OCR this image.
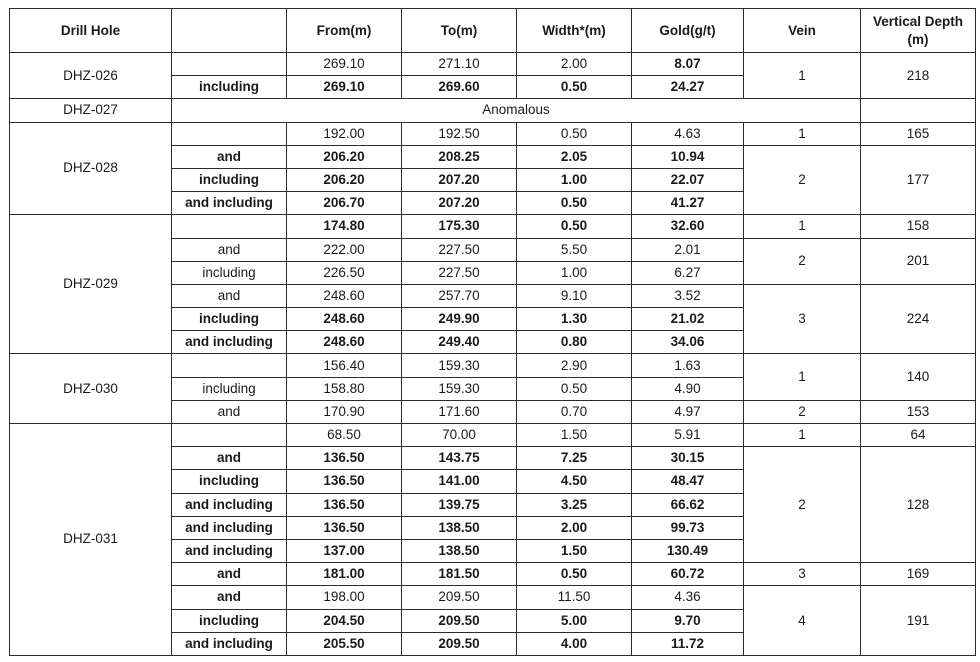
Drill Hole		From(m)	To(m)	Width*(m)	Gold(g/t)	Vein	Vertical Depth (m)
DHZ-026		269.10	271.10	2.00	8.07	1	218
	including	269.10	269.60	0.50	24.27		
DHZ-027	Anomalous						
DHZ-028		192.00	192.50	0.50	4.63	1	165
	and	206.20	208.25	2.05	10.94	2	177
	including	206.20	207.20	1.00	22.07		
	and including	206.70	207.20	0.50	41.27		
DHZ-029		174.80	175.30	0.50	32.60	1	158
	and	222.00	227.50	5.50	2.01	2	201
	including	226.50	227.50	1.00	6.27		
	and	248.60	257.70	9.10	3.52	3	224
	including	248.60	249.90	1.30	21.02		
	and including	248.60	249.40	0.80	34.06		
DHZ-030		156.40	159.30	2.90	1.63	1	140
	including	158.80	159.30	0.50	4.90		
	and	170.90	171.60	0.70	4.97	2	153
DHZ-031		68.50	70.00	1.50	5.91	1	64
	and	136.50	143.75	7.25	30.15	2	128
	including	136.50	141.00	4.50	48.47		
	and including	136.50	139.75	3.25	66.62		
	and including	136.50	138.50	2.00	99.73		
	and including	137.00	138.50	1.50	130.49		
	and	181.00	181.50	0.50	60.72	3	169
	and	198.00	209.50	11.50	4.36	4	191
	including	204.50	209.50	5.00	9.70		
	and including	205.50	209.50	4.00	11.72		
